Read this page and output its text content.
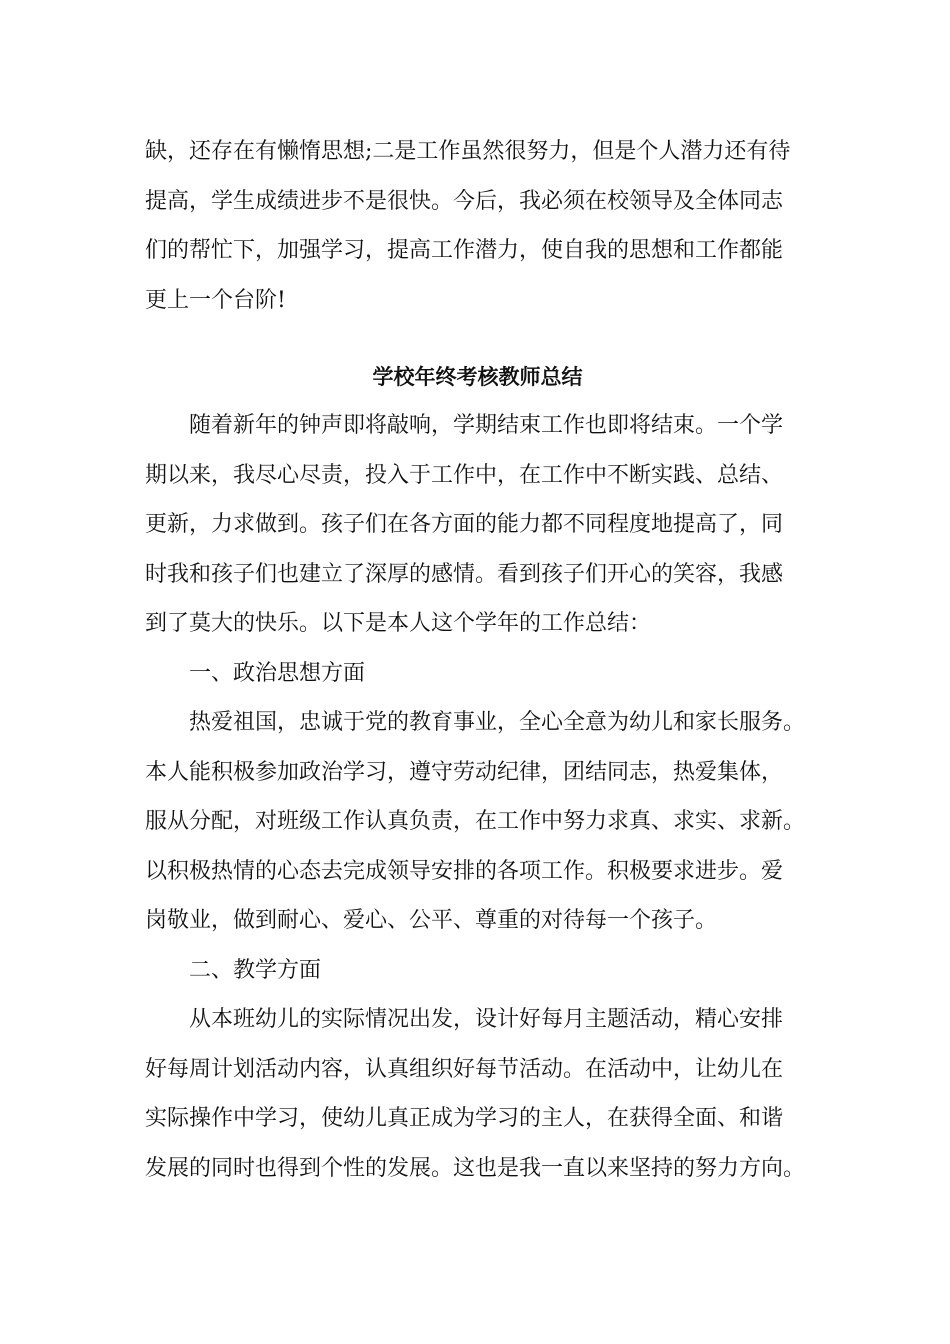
缺，还存在有懒惰思想;二是工作虽然很努力，但是个人潜力还有待
提高，学生成绩进步不是很快。今后，我必须在校领导及全体同志
们的帮忙下，加强学习，提高工作潜力，使自我的思想和工作都能
更上一个台阶!
学校年终考核教师总结
随着新年的钟声即将敲响，学期结束工作也即将结束。一个学
期以来，我尽心尽责，投入于工作中，在工作中不断实践、总结、
更新，力求做到。孩子们在各方面的能力都不同程度地提高了，同
时我和孩子们也建立了深厚的感情。看到孩子们开心的笑容，我感
到了莫大的快乐。以下是本人这个学年的工作总结：
一、政治思想方面
热爱祖国，忠诚于党的教育事业，全心全意为幼儿和家长服务。
本人能积极参加政治学习，遵守劳动纪律，团结同志，热爱集体，
服从分配，对班级工作认真负责，在工作中努力求真、求实、求新。
以积极热情的心态去完成领导安排的各项工作。积极要求进步。爱
岗敬业，做到耐心、爱心、公平、尊重的对待每一个孩子。
二、教学方面
从本班幼儿的实际情况出发，设计好每月主题活动，精心安排
好每周计划活动内容，认真组织好每节活动。在活动中，让幼儿在
实际操作中学习，使幼儿真正成为学习的主人，在获得全面、和谐
发展的同时也得到个性的发展。这也是我一直以来坚持的努力方向。
